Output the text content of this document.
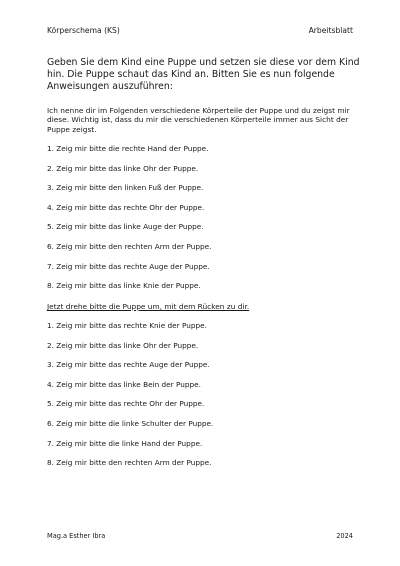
Körperschema (KS)	Arbeitsblatt
Geben Sie dem Kind eine Puppe und setzen sie diese vor dem Kind hin. Die Puppe schaut das Kind an. Bitten Sie es nun folgende Anweisungen auszuführen:
Ich nenne dir im Folgenden verschiedene Körperteile der Puppe und du zeigst mir diese. Wichtig ist, dass du mir die verschiedenen Körperteile immer aus Sicht der Puppe zeigst.
1. Zeig mir bitte die rechte Hand der Puppe.
2. Zeig mir bitte das linke Ohr der Puppe.
3. Zeig mir bitte den linken Fuß der Puppe.
4. Zeig mir bitte das rechte Ohr der Puppe.
5. Zeig mir bitte das linke Auge der Puppe.
6. Zeig mir bitte den rechten Arm der Puppe.
7. Zeig mir bitte das rechte Auge der Puppe.
8. Zeig mir bitte das linke Knie der Puppe.
Jetzt drehe bitte die Puppe um, mit dem Rücken zu dir.
1. Zeig mir bitte das rechte Knie der Puppe.
2. Zeig mir bitte das linke Ohr der Puppe.
3. Zeig mir bitte das rechte Auge der Puppe.
4. Zeig mir bitte das linke Bein der Puppe.
5. Zeig mir bitte das rechte Ohr der Puppe.
6. Zeig mir bitte die linke Schulter der Puppe.
7. Zeig mir bitte die linke Hand der Puppe.
8. Zeig mir bitte den rechten Arm der Puppe.
Mag.a Esther Ibra	2024
